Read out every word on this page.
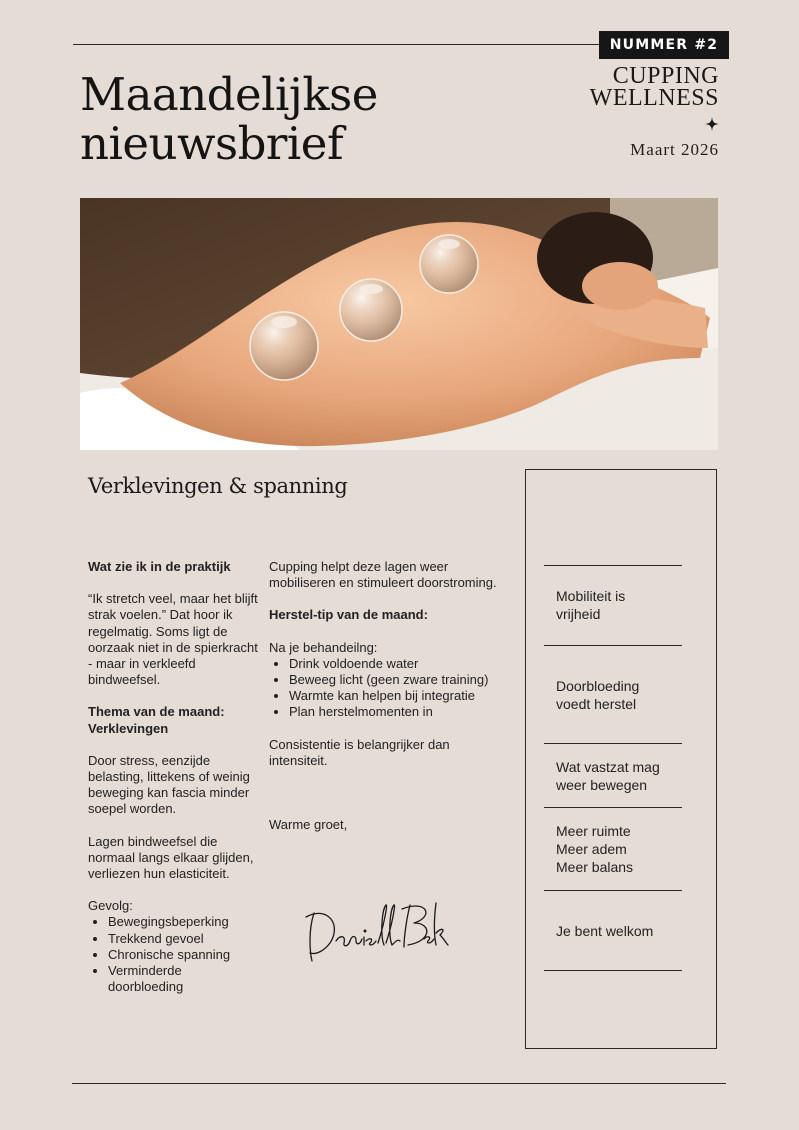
NUMMER #2
Maandelijkse
nieuwsbrief
CUPPING
WELLNESS
Maart 2026
Verklevingen & spanning

Wat zie ik in de praktijk

“Ik stretch veel, maar het blijft strak voelen.” Dat hoor ik regelmatig. Soms ligt de oorzaak niet in de spierkracht - maar in verkleefd bindweefsel.

Thema van de maand:
Verklevingen

Door stress, eenzijde belasting, littekens of weinig beweging kan fascia minder soepel worden.

Lagen bindweefsel die normaal langs elkaar glijden, verliezen hun elasticiteit.

Gevolg:
• Bewegingsbeperking
• Trekkend gevoel
• Chronische spanning
• Verminderde doorbloeding

Cupping helpt deze lagen weer mobiliseren en stimuleert doorstroming.

Herstel-tip van de maand:

Na je behandeilng:
• Drink voldoende water
• Beweeg licht (geen zware training)
• Warmte kan helpen bij integratie
• Plan herstelmomenten in

Consistentie is belangrijker dan intensiteit.

Warme groet,

Mobiliteit is
vrijheid
Doorbloeding
voedt herstel
Wat vastzat mag
weer bewegen
Meer ruimte
Meer adem
Meer balans
Je bent welkom
